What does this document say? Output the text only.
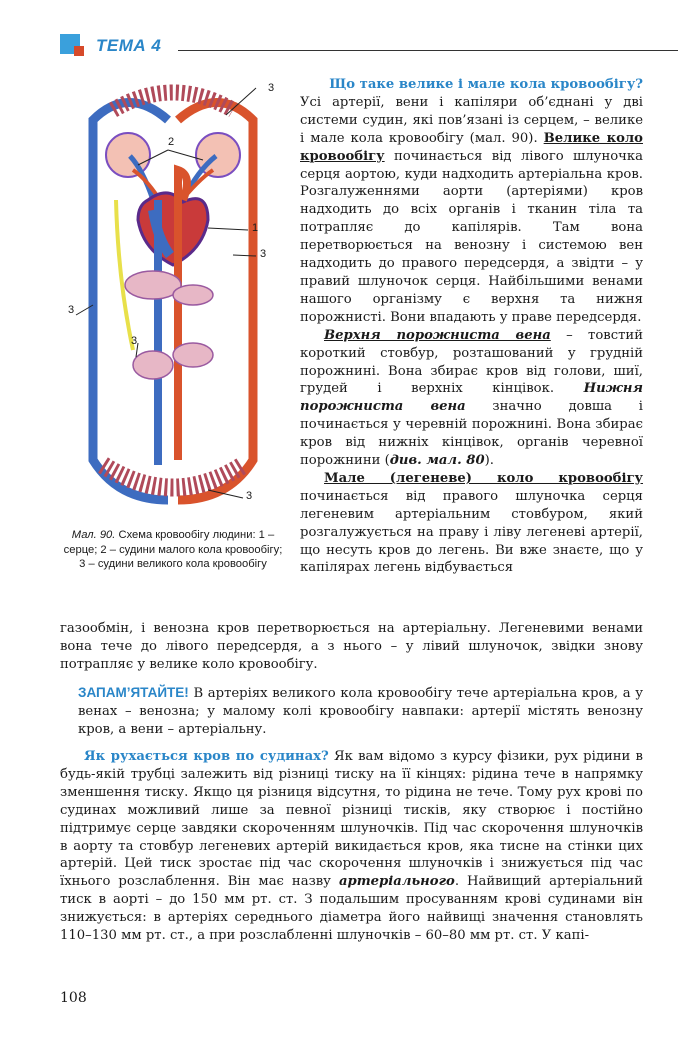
ТЕМА 4
3
2
1
3
3
3
3
Мал. 90. Схема кровообігу людини: 1 – серце; 2 – судини малого кола кровообігу; 3 – судини великого кола кровообігу

Що таке велике і мале кола кровообігу?

Усі артерії, вени і капіляри об’єднані у дві системи судин, які пов’язані із серцем, – велике і мале кола кровообігу (мал. 90). Велике коло кровообігу починається від лівого шлуночка серця аортою, куди надходить артеріальна кров. Розгалуженнями аорти (артеріями) кров надходить до всіх органів і тканин тіла та потрапляє до капілярів. Там вона перетворюється на венозну і системою вен надходить до правого передсердя, а звідти – у правий шлуночок серця. Найбільшими венами нашого організму є верхня та нижня порожнисті. Вони впадають у праве передсердя.

Верхня порожниста вена – товстий короткий стовбур, розташований у грудній порожнині. Вона збирає кров від голови, шиї, грудей і верхніх кінцівок. Нижня порожниста вена значно довша і починається у черевній порожнині. Вона збирає кров від нижніх кінцівок, органів черевної порожнини (див. мал. 80).

Мале (легеневе) коло кровообігу починається від правого шлуночка серця легеневим артеріальним стовбуром, який розгалужується на праву і ліву легеневі артерії, що несуть кров до легень. Ви вже знаєте, що у капілярах легень відбувається

газообмін, і венозна кров перетворюється на артеріальну. Легеневими венами вона тече до лівого передсердя, а з нього – у лівий шлуночок, звідки знову потрапляє у велике коло кровообігу.

ЗАПАМ’ЯТАЙТЕ! В артеріях великого кола кровообігу тече артеріальна кров, а у венах – венозна; у малому колі кровообігу навпаки: артерії містять венозну кров, а вени – артеріальну.

Як рухається кров по судинах? Як вам відомо з курсу фізики, рух рідини в будь-якій трубці залежить від різниці тиску на її кінцях: рідина тече в напрямку зменшення тиску. Якщо ця різниця відсутня, то рідина не тече. Тому рух крові по судинах можливий лише за певної різниці тисків, яку створює і постійно підтримує серце завдяки скороченням шлуночків. Під час скорочення шлуночків в аорту та стовбур легеневих артерій викидається кров, яка тисне на стінки цих артерій. Цей тиск зростає під час скорочення шлуночків і знижується під час їхнього розслаблення. Він має назву артеріального. Найвищий артеріальний тиск в аорті – до 150 мм рт. ст. З подальшим просуванням крові судинами він знижується: в артеріях середнього діаметра його найвищі значення становлять 110–130 мм рт. ст., а при розслабленні шлуночків – 60–80 мм рт. ст. У капі-

108
